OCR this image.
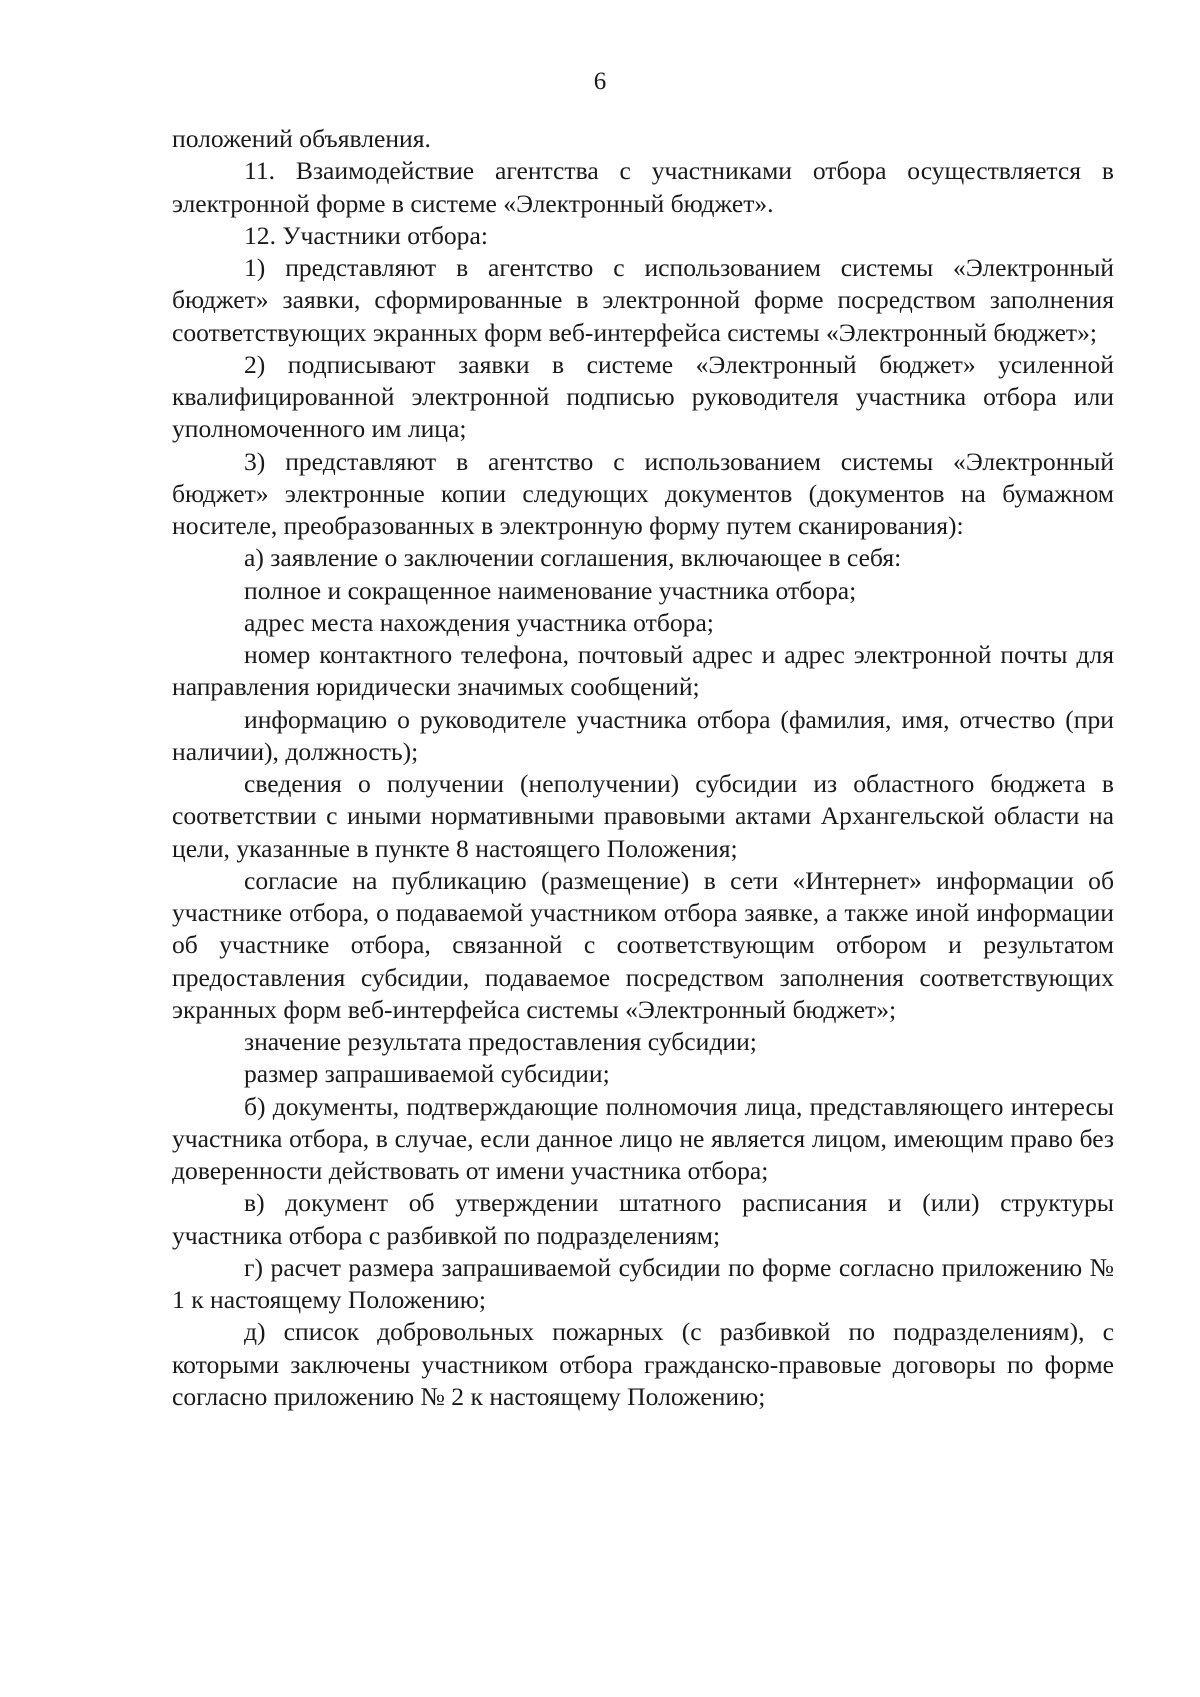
6

положений объявления.

11. Взаимодействие агентства с участниками отбора осуществляется в электронной форме в системе «Электронный бюджет».

12. Участники отбора:

1) представляют в агентство с использованием системы «Электронный бюджет» заявки, сформированные в электронной форме посредством заполнения соответствующих экранных форм веб-интерфейса системы «Электронный бюджет»;

2) подписывают заявки в системе «Электронный бюджет» усиленной квалифицированной электронной подписью руководителя участника отбора или уполномоченного им лица;

3) представляют в агентство с использованием системы «Электронный бюджет» электронные копии следующих документов (документов на бумажном носителе, преобразованных в электронную форму путем сканирования):

а) заявление о заключении соглашения, включающее в себя:

полное и сокращенное наименование участника отбора;

адрес места нахождения участника отбора;

номер контактного телефона, почтовый адрес и адрес электронной почты для направления юридически значимых сообщений;

информацию о руководителе участника отбора (фамилия, имя, отчество (при наличии), должность);

сведения о получении (неполучении) субсидии из областного бюджета в соответствии с иными нормативными правовыми актами Архангельской области на цели, указанные в пункте 8 настоящего Положения;

согласие на публикацию (размещение) в сети «Интернет» информации об участнике отбора, о подаваемой участником отбора заявке, а также иной информации об участнике отбора, связанной с соответствующим отбором и результатом предоставления субсидии, подаваемое посредством заполнения соответствующих экранных форм веб-интерфейса системы «Электронный бюджет»;

значение результата предоставления субсидии;

размер запрашиваемой субсидии;

б) документы, подтверждающие полномочия лица, представляющего интересы участника отбора, в случае, если данное лицо не является лицом, имеющим право без доверенности действовать от имени участника отбора;

в) документ об утверждении штатного расписания и (или) структуры участника отбора с разбивкой по подразделениям;

г) расчет размера запрашиваемой субсидии по форме согласно приложению № 1 к настоящему Положению;

д) список добровольных пожарных (с разбивкой по подразделениям), с которыми заключены участником отбора гражданско-правовые договоры по форме согласно приложению № 2 к настоящему Положению;
